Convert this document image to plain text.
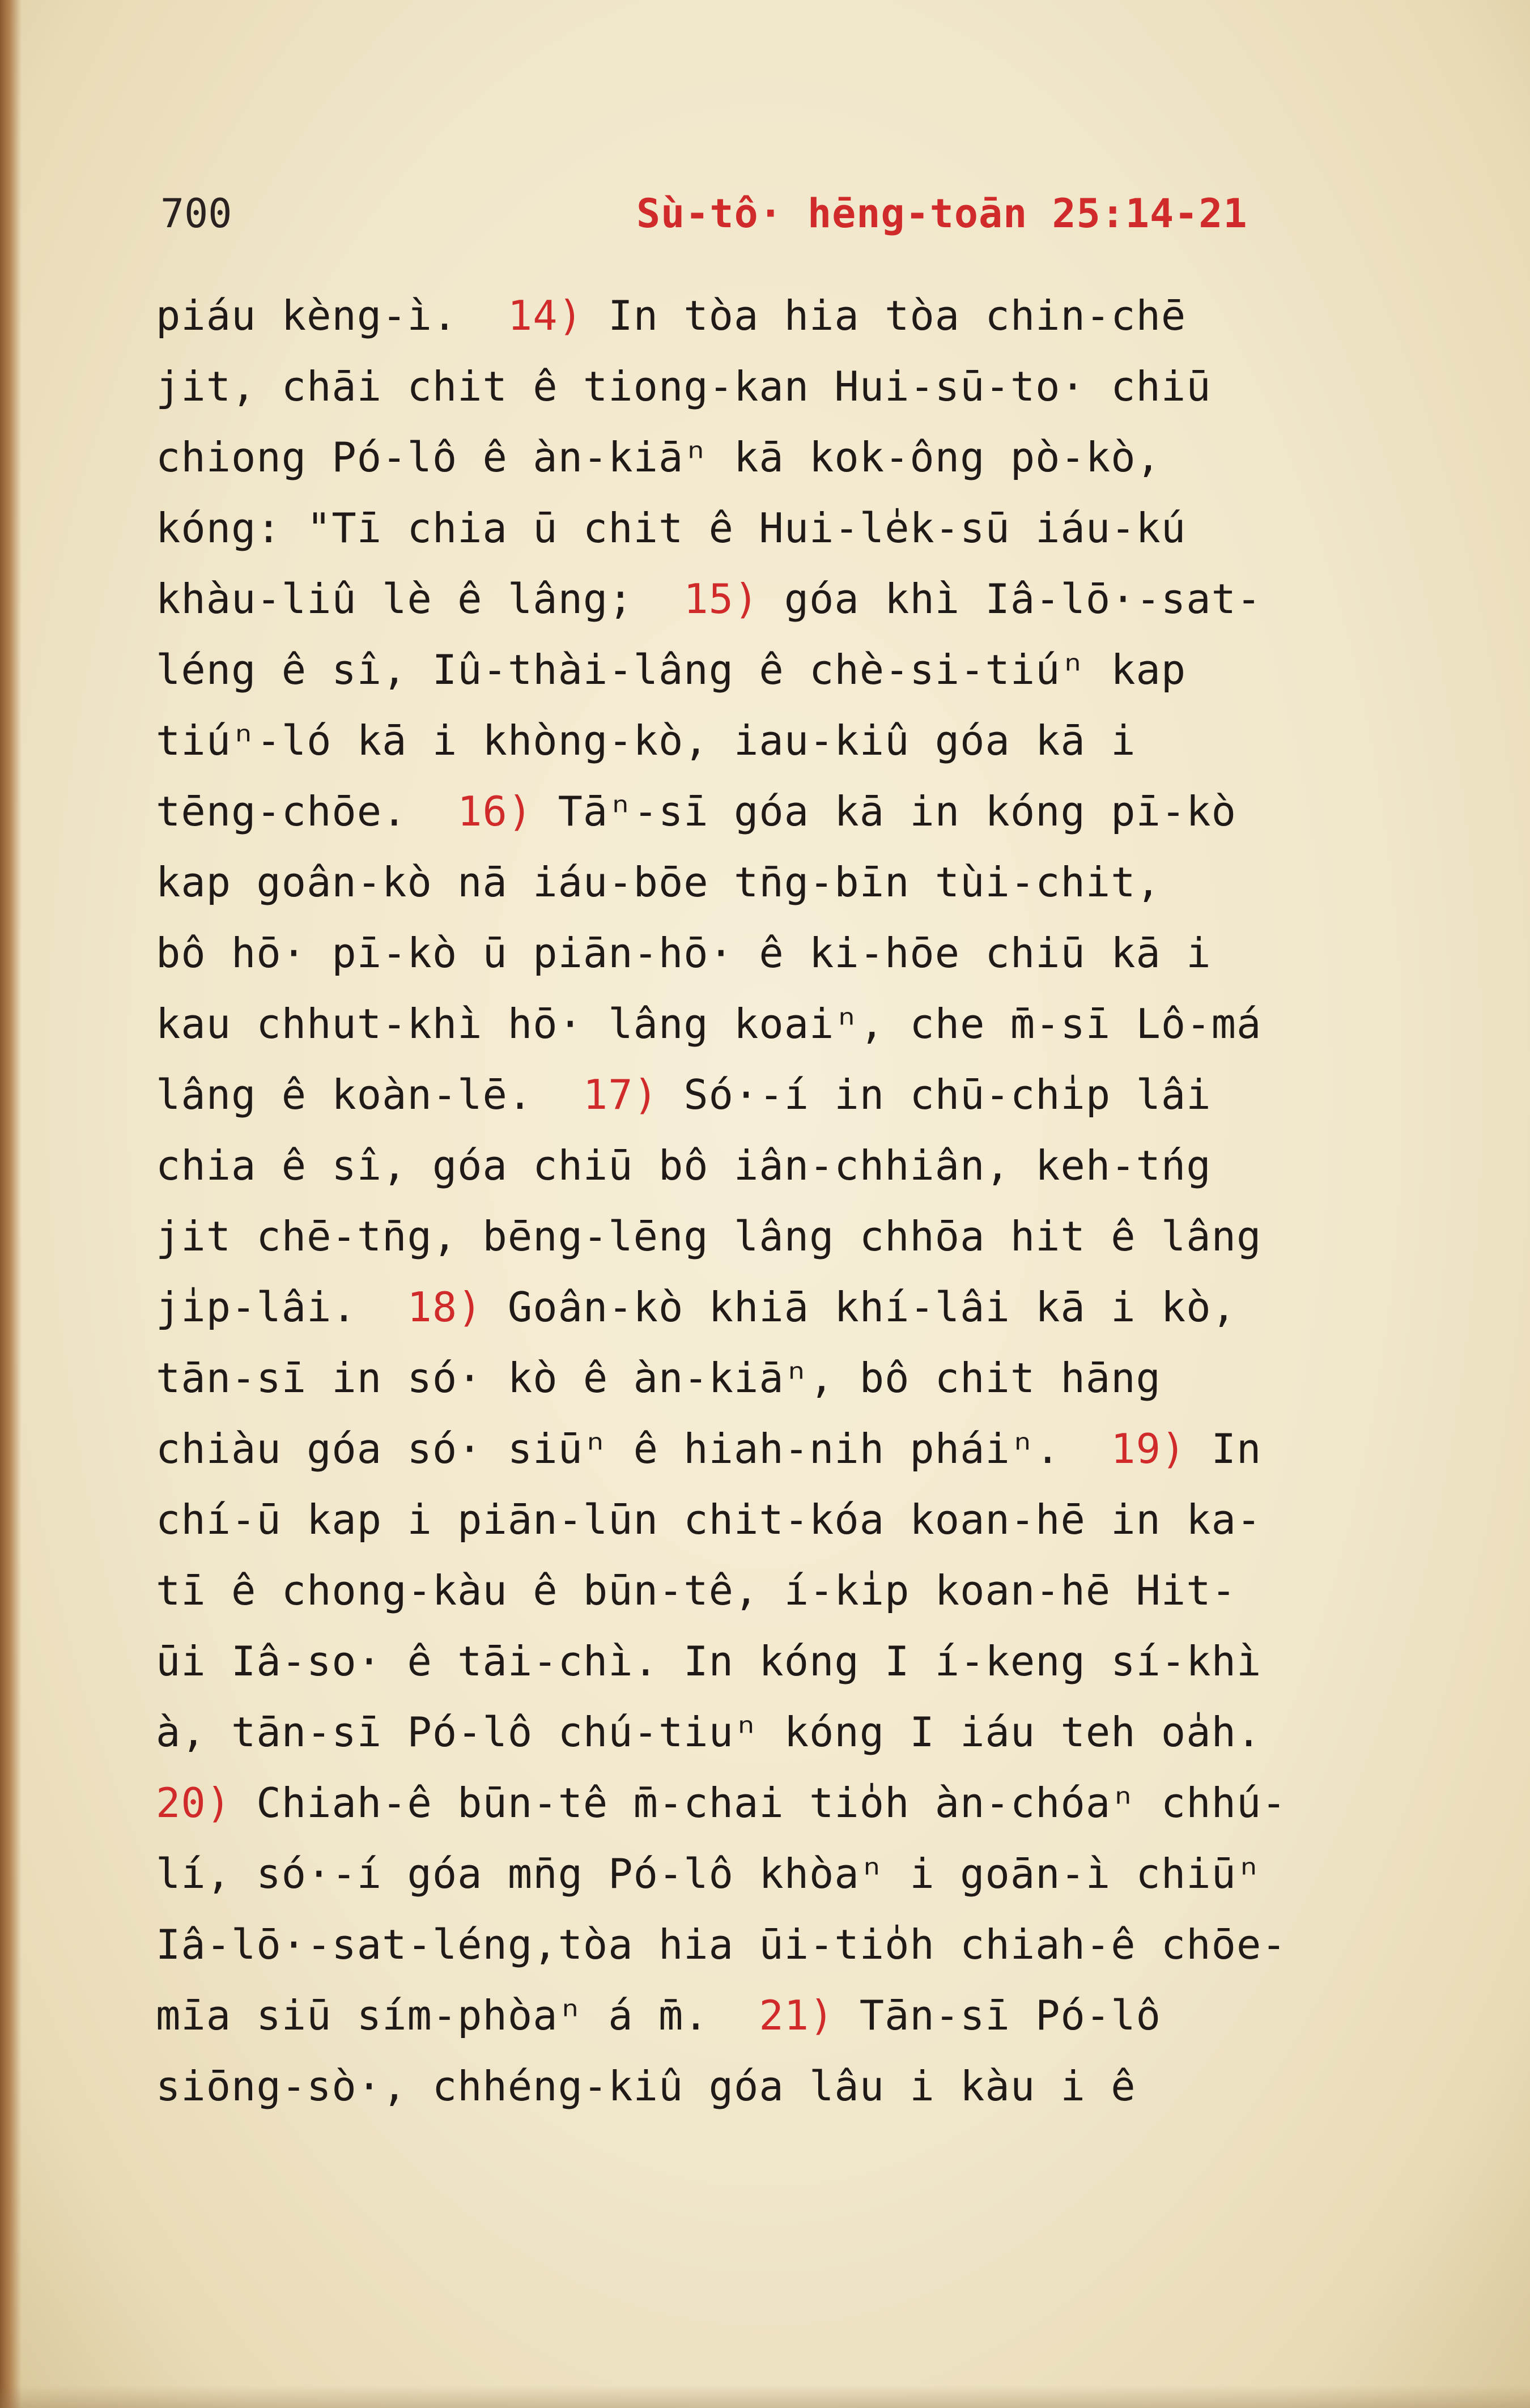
700	Sù-tô· hēng-toān 25:14-21
piáu kèng-ì.  14) In tòa hia tòa chin-chē
jit, chāi chit ê tiong-kan Hui-sū-to· chiū
chiong Pó-lô ê àn-kiāⁿ kā kok-ông pò-kò,
kóng: "Tī chia ū chit ê Hui-le̍k-sū iáu-kú
khàu-liû lè ê lâng;  15) góa khì Iâ-lō·-sat-
léng ê sî, Iû-thài-lâng ê chè-si-tiúⁿ kap
tiúⁿ-ló kā i khòng-kò, iau-kiû góa kā i
tēng-chōe.  16) Tāⁿ-sī góa kā in kóng pī-kò
kap goân-kò nā iáu-bōe tn̄g-bīn tùi-chit,
bô hō· pī-kò ū piān-hō· ê ki-hōe chiū kā i
kau chhut-khì hō· lâng koaiⁿ, che m̄-sī Lô-má
lâng ê koàn-lē.  17) Só·-í in chū-chi̍p lâi
chia ê sî, góa chiū bô iân-chhiân, keh-tńg
jit chē-tn̄g, bēng-lēng lâng chhōa hit ê lâng
ji̍p-lâi.  18) Goân-kò khiā khí-lâi kā i kò,
tān-sī in só· kò ê àn-kiāⁿ, bô chit hāng
chiàu góa só· siūⁿ ê hiah-nih pháiⁿ.  19) In
chí-ū kap i piān-lūn chit-kóa koan-hē in ka-
tī ê chong-kàu ê būn-tê, í-ki̍p koan-hē Hit-
ūi Iâ-so· ê tāi-chì. In kóng I í-keng sí-khì
à, tān-sī Pó-lô chú-tiuⁿ kóng I iáu teh oa̍h.
20) Chiah-ê būn-tê m̄-chai tio̍h àn-chóaⁿ chhú-
lí, só·-í góa mn̄g Pó-lô khòaⁿ i goān-ì chiūⁿ
Iâ-lō·-sat-léng,tòa hia ūi-tio̍h chiah-ê chōe-
mīa siū sím-phòaⁿ á m̄.  21) Tān-sī Pó-lô
siōng-sò·, chhéng-kiû góa lâu i kàu i ê
